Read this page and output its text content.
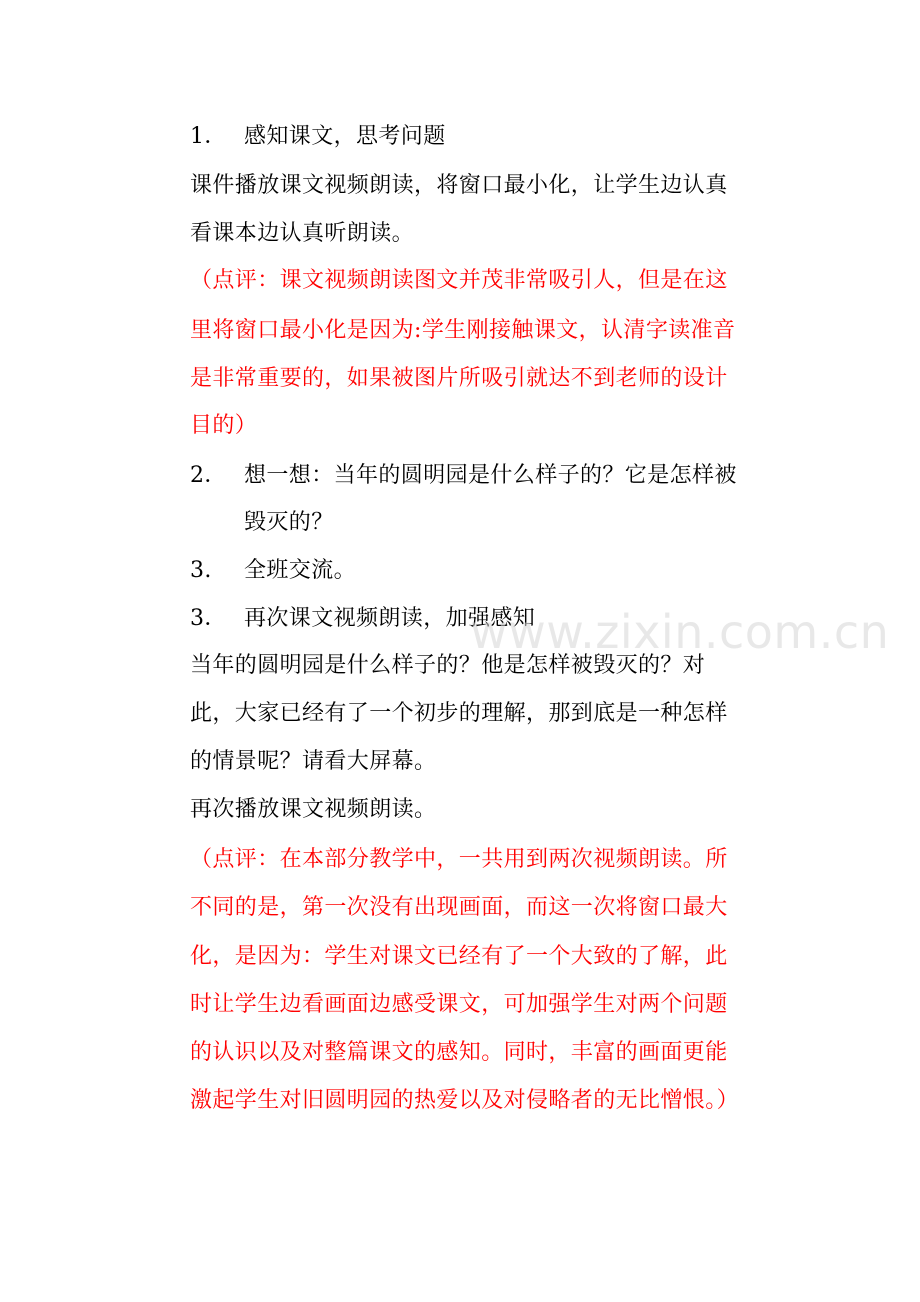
1． 感知课文，思考问题
课件播放课文视频朗读，将窗口最小化，让学生边认真
看课本边认真听朗读。
（点评：课文视频朗读图文并茂非常吸引人，但是在这
里将窗口最小化是因为:学生刚接触课文，认清字读准音
是非常重要的，如果被图片所吸引就达不到老师的设计
目的）
2． 想一想：当年的圆明园是什么样子的？它是怎样被
毁灭的？
3. 全班交流。
3． 再次课文视频朗读，加强感知
当年的圆明园是什么样子的？他是怎样被毁灭的？对
此，大家已经有了一个初步的理解，那到底是一种怎样
的情景呢？请看大屏幕。
再次播放课文视频朗读。
（点评：在本部分教学中，一共用到两次视频朗读。所
不同的是，第一次没有出现画面，而这一次将窗口最大
化，是因为：学生对课文已经有了一个大致的了解，此
时让学生边看画面边感受课文，可加强学生对两个问题
的认识以及对整篇课文的感知。同时，丰富的画面更能
激起学生对旧圆明园的热爱以及对侵略者的无比憎恨。）
www.zixin.com.cn
